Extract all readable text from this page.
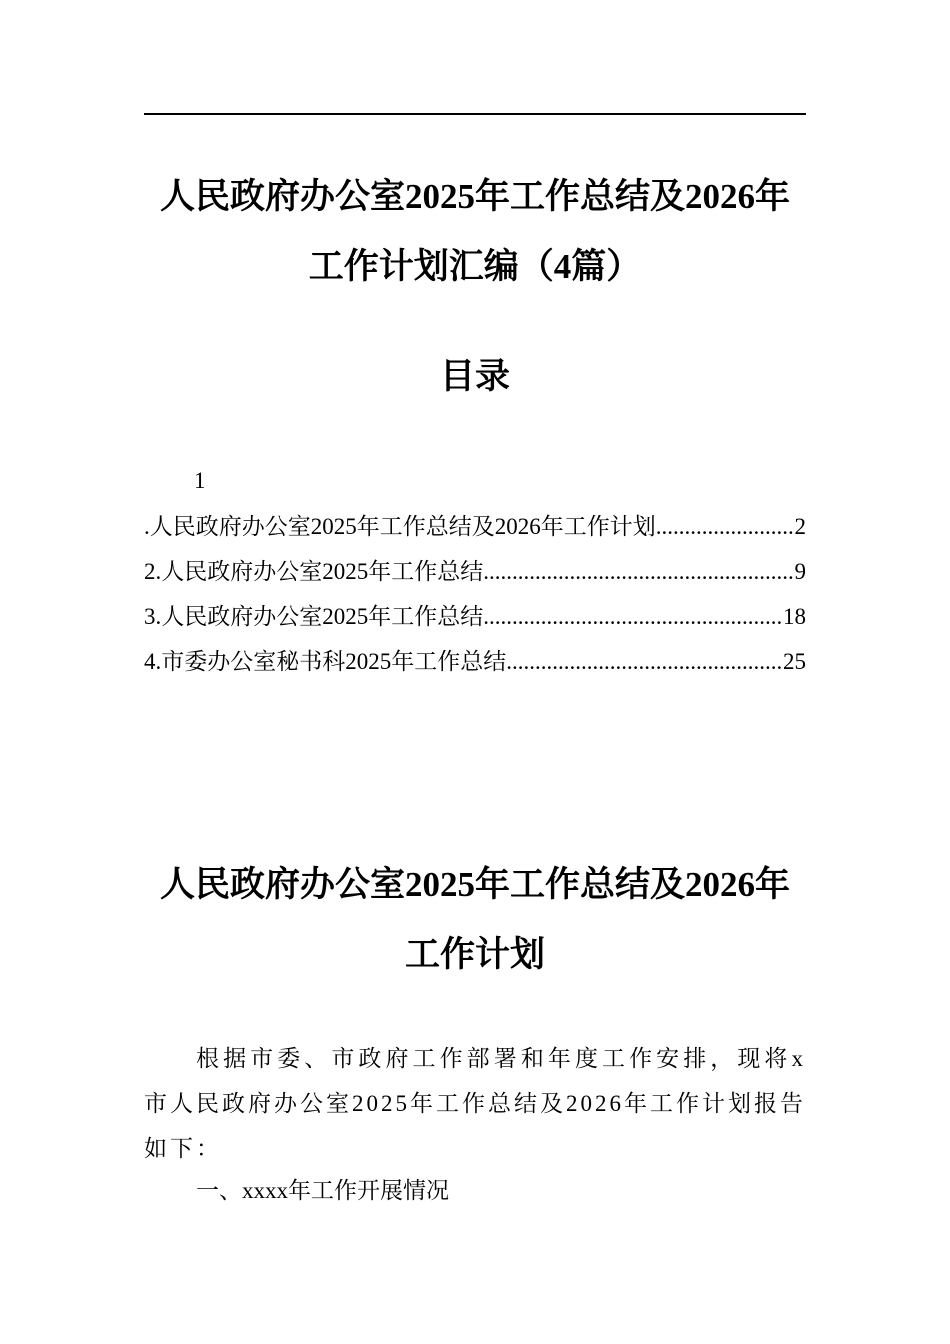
人民政府办公室2025年工作总结及2026年
工作计划汇编（4篇）
目录
1
.人民政府办公室2025年工作总结及2026年工作计划 .....	2
2.人民政府办公室2025年工作总结 .....	9
3.人民政府办公室2025年工作总结 .....	18
4.市委办公室秘书科2025年工作总结 .....	25
人民政府办公室2025年工作总结及2026年
工作计划

根据市委、市政府工作部署和年度工作安排，现将x市人民政府办公室2025年工作总结及2026年工作计划报告如下：

一、xxxx年工作开展情况
